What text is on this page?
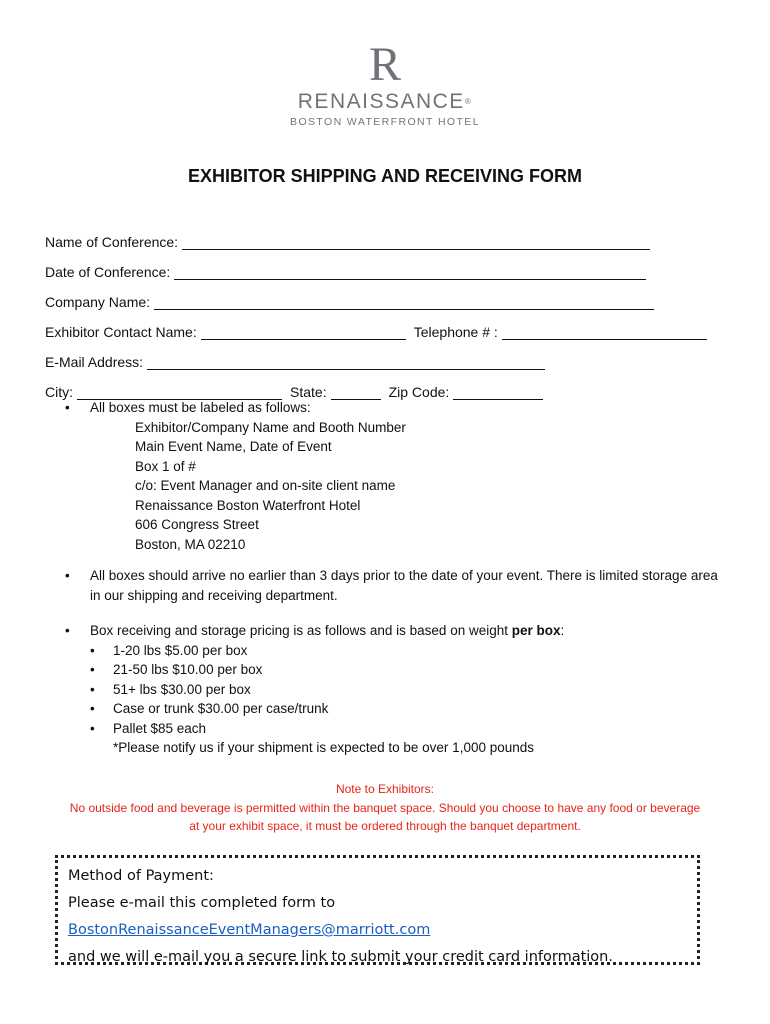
R
RENAISSANCE®
BOSTON WATERFRONT HOTEL
EXHIBITOR SHIPPING AND RECEIVING FORM
Name of Conference:
Date of Conference:
Company Name:
Exhibitor Contact Name:	Telephone # :
E-Mail Address:
City:	State:	Zip Code:
• All boxes must be labeled as follows:
Exhibitor/Company Name and Booth Number
Main Event Name, Date of Event
Box 1 of #
c/o: Event Manager and on-site client name
Renaissance Boston Waterfront Hotel
606 Congress Street
Boston, MA 02210
• All boxes should arrive no earlier than 3 days prior to the date of your event. There is limited storage area in our shipping and receiving department.
• Box receiving and storage pricing is as follows and is based on weight per box:
• 1-20 lbs $5.00 per box
• 21-50 lbs $10.00 per box
• 51+ lbs $30.00 per box
• Case or trunk $30.00 per case/trunk
• Pallet $85 each
*Please notify us if your shipment is expected to be over 1,000 pounds
Note to Exhibitors:
No outside food and beverage is permitted within the banquet space. Should you choose to have any food or beverage
at your exhibit space, it must be ordered through the banquet department.
Method of Payment:
Please e-mail this completed form to BostonRenaissanceEventManagers@marriott.com
and we will e-mail you a secure link to submit your credit card information.
